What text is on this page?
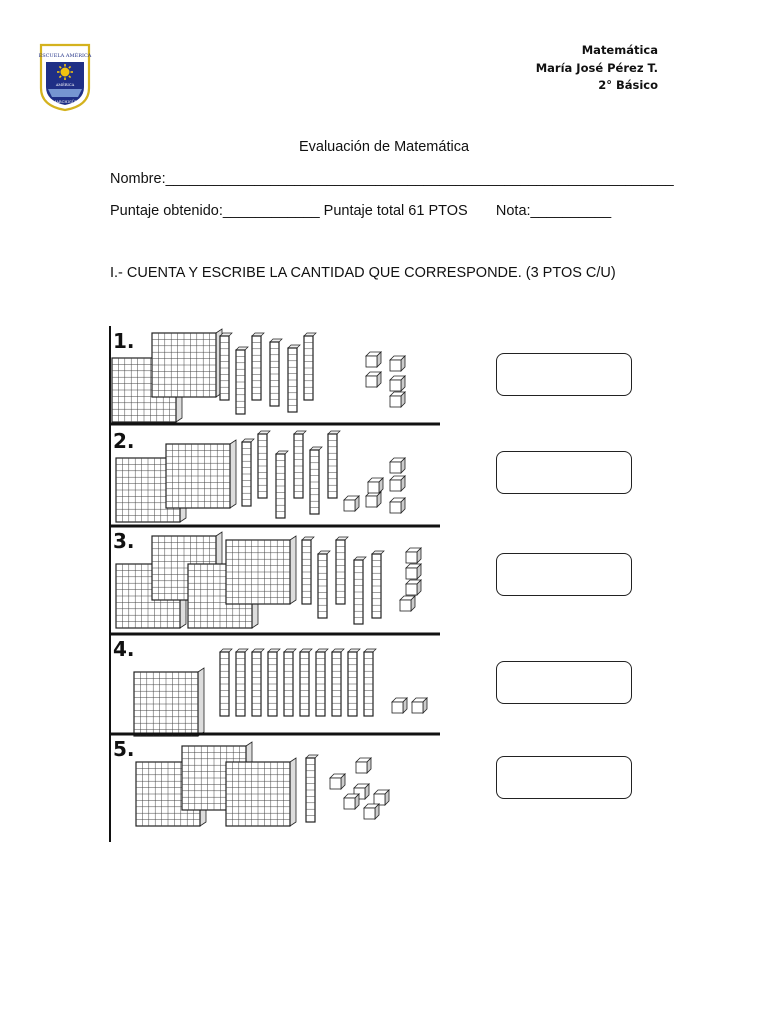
ESCUELA AMÉRICA
AMÉRICA
MARCHIGÜE
Matemática
María José Pérez T.
2° Básico
Evaluación de Matemática
Nombre:_______________________________________________________________
Puntaje obtenido:____________ Puntaje total 61 PTOS       Nota:__________
I.- CUENTA Y ESCRIBE LA CANTIDAD QUE CORRESPONDE. (3 PTOS C/U)
1.
2.
3.
4.
5.
